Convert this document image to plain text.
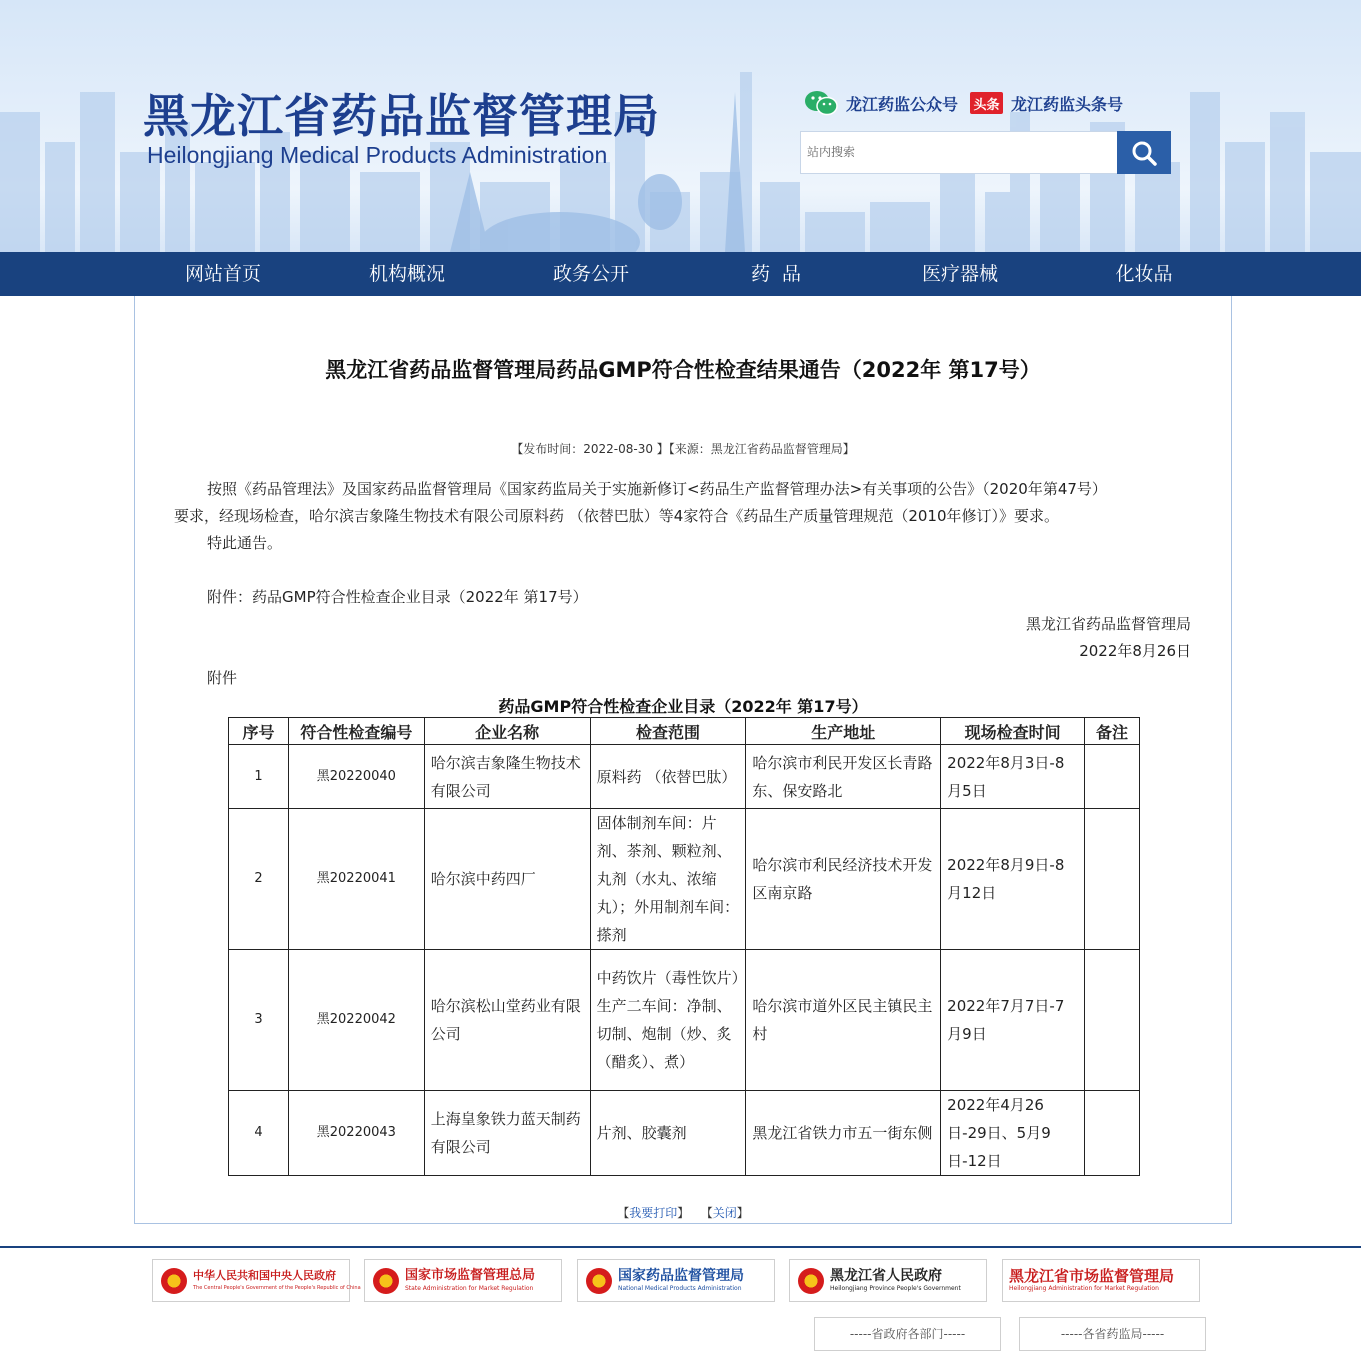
黑龙江省药品监督管理局
Heilongjiang Medical Products Administration
龙江药监公众号 头条 龙江药监头条号
站内搜索
网站首页	机构概况	政务公开	药  品	医疗器械	化妆品
黑龙江省药品监督管理局药品GMP符合性检查结果通告（2022年 第17号）
【发布时间：2022-08-30 】【来源：黑龙江省药品监督管理局】
按照《药品管理法》及国家药品监督管理局《国家药监局关于实施新修订<药品生产监督管理办法>有关事项的公告》（2020年第47号）
要求，经现场检查，哈尔滨吉象隆生物技术有限公司原料药 （依替巴肽）等4家符合《药品生产质量管理规范（2010年修订）》要求。
特此通告。
附件：药品GMP符合性检查企业目录（2022年 第17号）
黑龙江省药品监督管理局
2022年8月26日
附件
药品GMP符合性检查企业目录（2022年 第17号）
序号	符合性检查编号	企业名称	检查范围	生产地址	现场检查时间	备注
1	黑20220040	哈尔滨吉象隆生物技术有限公司	原料药 （依替巴肽）	哈尔滨市利民开发区长青路东、保安路北	2022年8月3日-8月5日	
2	黑20220041	哈尔滨中药四厂	固体制剂车间：片剂、茶剂、颗粒剂、丸剂（水丸、浓缩丸）；外用制剂车间：搽剂	哈尔滨市利民经济技术开发区南京路	2022年8月9日-8月12日	
3	黑20220042	哈尔滨松山堂药业有限公司	中药饮片（毒性饮片）生产二车间：净制、切制、炮制（炒、炙（醋炙）、煮）	哈尔滨市道外区民主镇民主村	2022年7月7日-7月9日	
4	黑20220043	上海皇象铁力蓝天制药有限公司	片剂、胶囊剂	黑龙江省铁力市五一街东侧	2022年4月26日-29日、5月9日-12日	
【我要打印】 【关闭】
中华人民共和国中央人民政府
The Central People's Government of the People's Republic of China
国家市场监督管理总局
State Administration for Market Regulation
国家药品监督管理局
National Medical Products Administration
黑龙江省人民政府
Heilongjiang Province People's Government
黑龙江省市场监督管理局
Heilongjiang Administration for Market Regulation
-----省政府各部门-----	-----各省药监局-----
